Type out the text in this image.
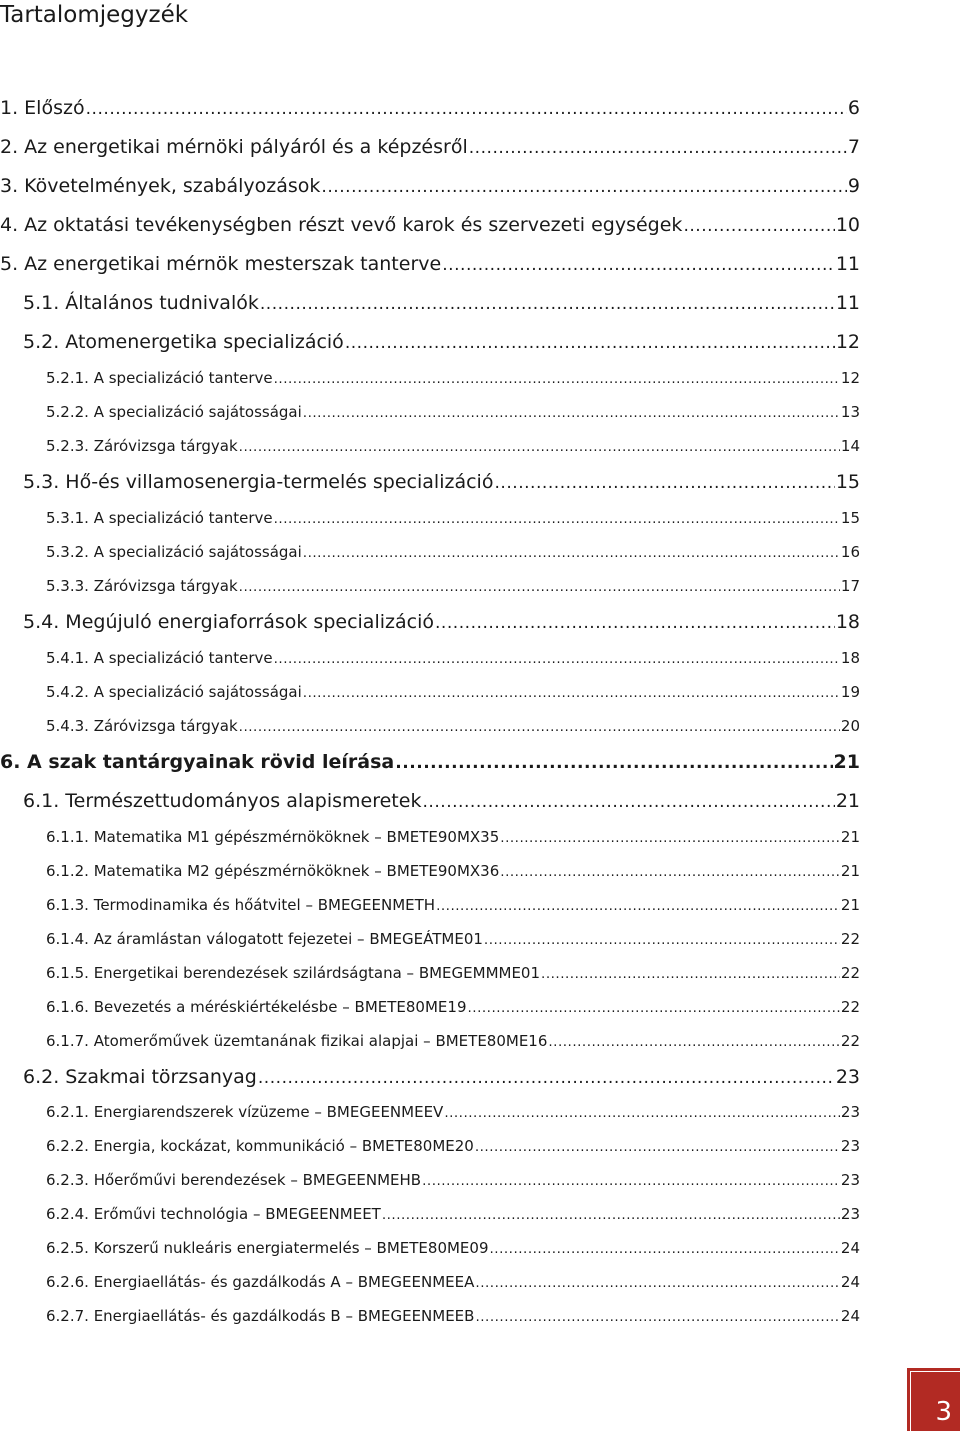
Tartalomjegyzék
1. Előszó .....	6
2. Az energetikai mérnöki pályáról és a képzésről .....	7
3. Követelmények, szabályozások .....	9
4. Az oktatási tevékenységben részt vevő karok és szervezeti egységek .....	10
5. Az energetikai mérnök mesterszak tanterve .....	11
5.1. Általános tudnivalók .....	11
5.2. Atomenergetika specializáció .....	12
5.2.1. A specializáció tanterve .....	12
5.2.2. A specializáció sajátosságai .....	13
5.2.3. Záróvizsga tárgyak .....	14
5.3. Hő-és villamosenergia-termelés specializáció .....	15
5.3.1. A specializáció tanterve .....	15
5.3.2. A specializáció sajátosságai .....	16
5.3.3. Záróvizsga tárgyak .....	17
5.4. Megújuló energiaforrások specializáció .....	18
5.4.1. A specializáció tanterve .....	18
5.4.2. A specializáció sajátosságai .....	19
5.4.3. Záróvizsga tárgyak .....	20
6. A szak tantárgyainak rövid leírása .....	21
6.1. Természettudományos alapismeretek .....	21
6.1.1. Matematika M1 gépészmérnököknek – BMETE90MX35 .....	21
6.1.2. Matematika M2 gépészmérnököknek – BMETE90MX36 .....	21
6.1.3. Termodinamika és hőátvitel – BMEGEENMETH .....	21
6.1.4. Az áramlástan válogatott fejezetei – BMEGEÁTME01 .....	22
6.1.5. Energetikai berendezések szilárdságtana – BMEGEMMME01 .....	22
6.1.6. Bevezetés a méréskiértékelésbe – BMETE80ME19 .....	22
6.1.7. Atomerőművek üzemtanának fizikai alapjai – BMETE80ME16 .....	22
6.2. Szakmai törzsanyag .....	23
6.2.1. Energiarendszerek vízüzeme – BMEGEENMEEV .....	23
6.2.2. Energia, kockázat, kommunikáció – BMETE80ME20 .....	23
6.2.3. Hőerőművi berendezések – BMEGEENMEHB .....	23
6.2.4. Erőművi technológia – BMEGEENMEET .....	23
6.2.5. Korszerű nukleáris energiatermelés – BMETE80ME09 .....	24
6.2.6. Energiaellátás- és gazdálkodás A – BMEGEENMEEA .....	24
6.2.7. Energiaellátás- és gazdálkodás B – BMEGEENMEEB .....	24
3
